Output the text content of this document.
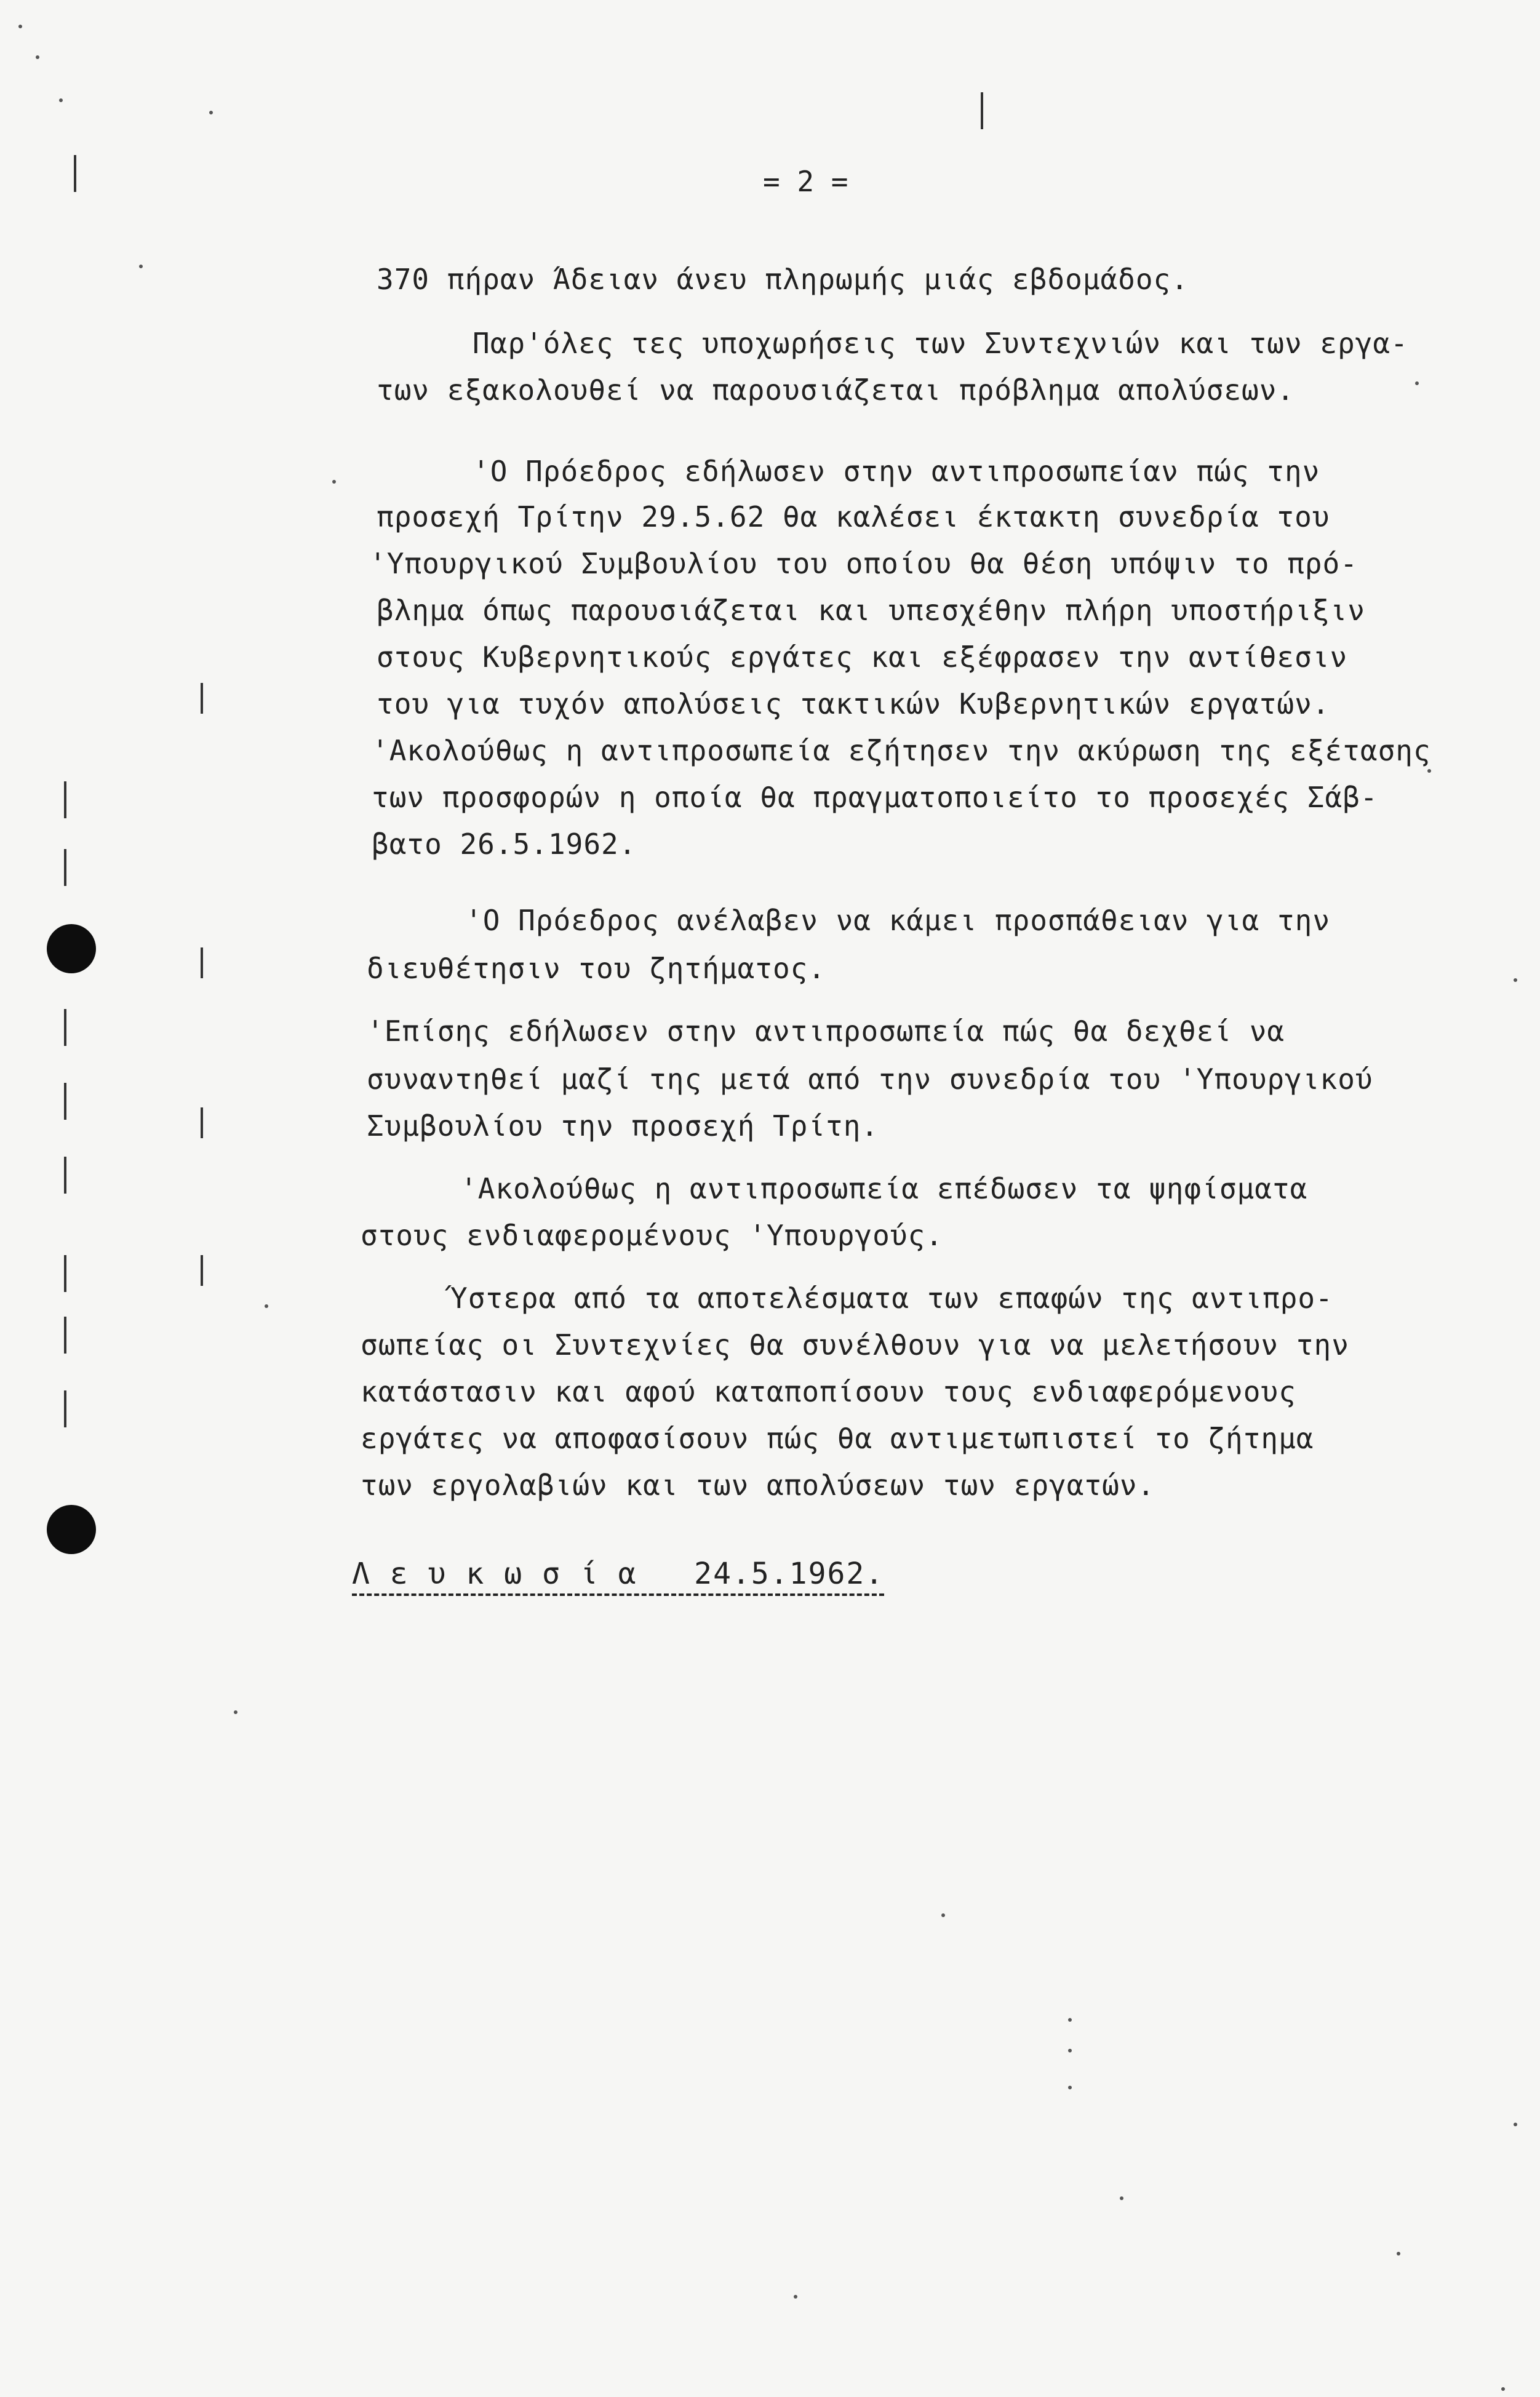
= 2 =
370 πήραν Άδειαν άνευ πληρωμής μιάς εβδομάδος.
Παρ'όλες τες υποχωρήσεις των Συντεχνιών και των εργα-
των εξακολουθεί να παρουσιάζεται πρόβλημα απολύσεων.
'Ο Πρόεδρος εδήλωσεν στην αντιπροσωπείαν πώς την
προσεχή Τρίτην 29.5.62 θα καλέσει έκτακτη συνεδρία του
'Υπουργικού Συμβουλίου του οποίου θα θέση υπόψιν το πρό-
βλημα όπως παρουσιάζεται και υπεσχέθην πλήρη υποστήριξιν
στους Κυβερνητικούς εργάτες και εξέφρασεν την αντίθεσιν
του για τυχόν απολύσεις τακτικών Κυβερνητικών εργατών.
'Ακολούθως η αντιπροσωπεία εζήτησεν την ακύρωση της εξέτασης
των προσφορών η οποία θα πραγματοποιείτο το προσεχές Σάβ-
βατο 26.5.1962.
'Ο Πρόεδρος ανέλαβεν να κάμει προσπάθειαν για την
διευθέτησιν του ζητήματος.
'Επίσης εδήλωσεν στην αντιπροσωπεία πώς θα δεχθεί να
συναντηθεί μαζί της μετά από την συνεδρία του 'Υπουργικού
Συμβουλίου την προσεχή Τρίτη.
'Ακολούθως η αντιπροσωπεία επέδωσεν τα ψηφίσματα
στους ενδιαφερομένους 'Υπουργούς.
Ύστερα από τα αποτελέσματα των επαφών της αντιπρο-
σωπείας οι Συντεχνίες θα συνέλθουν για να μελετήσουν την
κατάστασιν και αφού καταποπίσουν τους ενδιαφερόμενους
εργάτες να αποφασίσουν πώς θα αντιμετωπιστεί το ζήτημα
των εργολαβιών και των απολύσεων των εργατών.
Λ ε υ κ ω σ ί α   24.5.1962.
